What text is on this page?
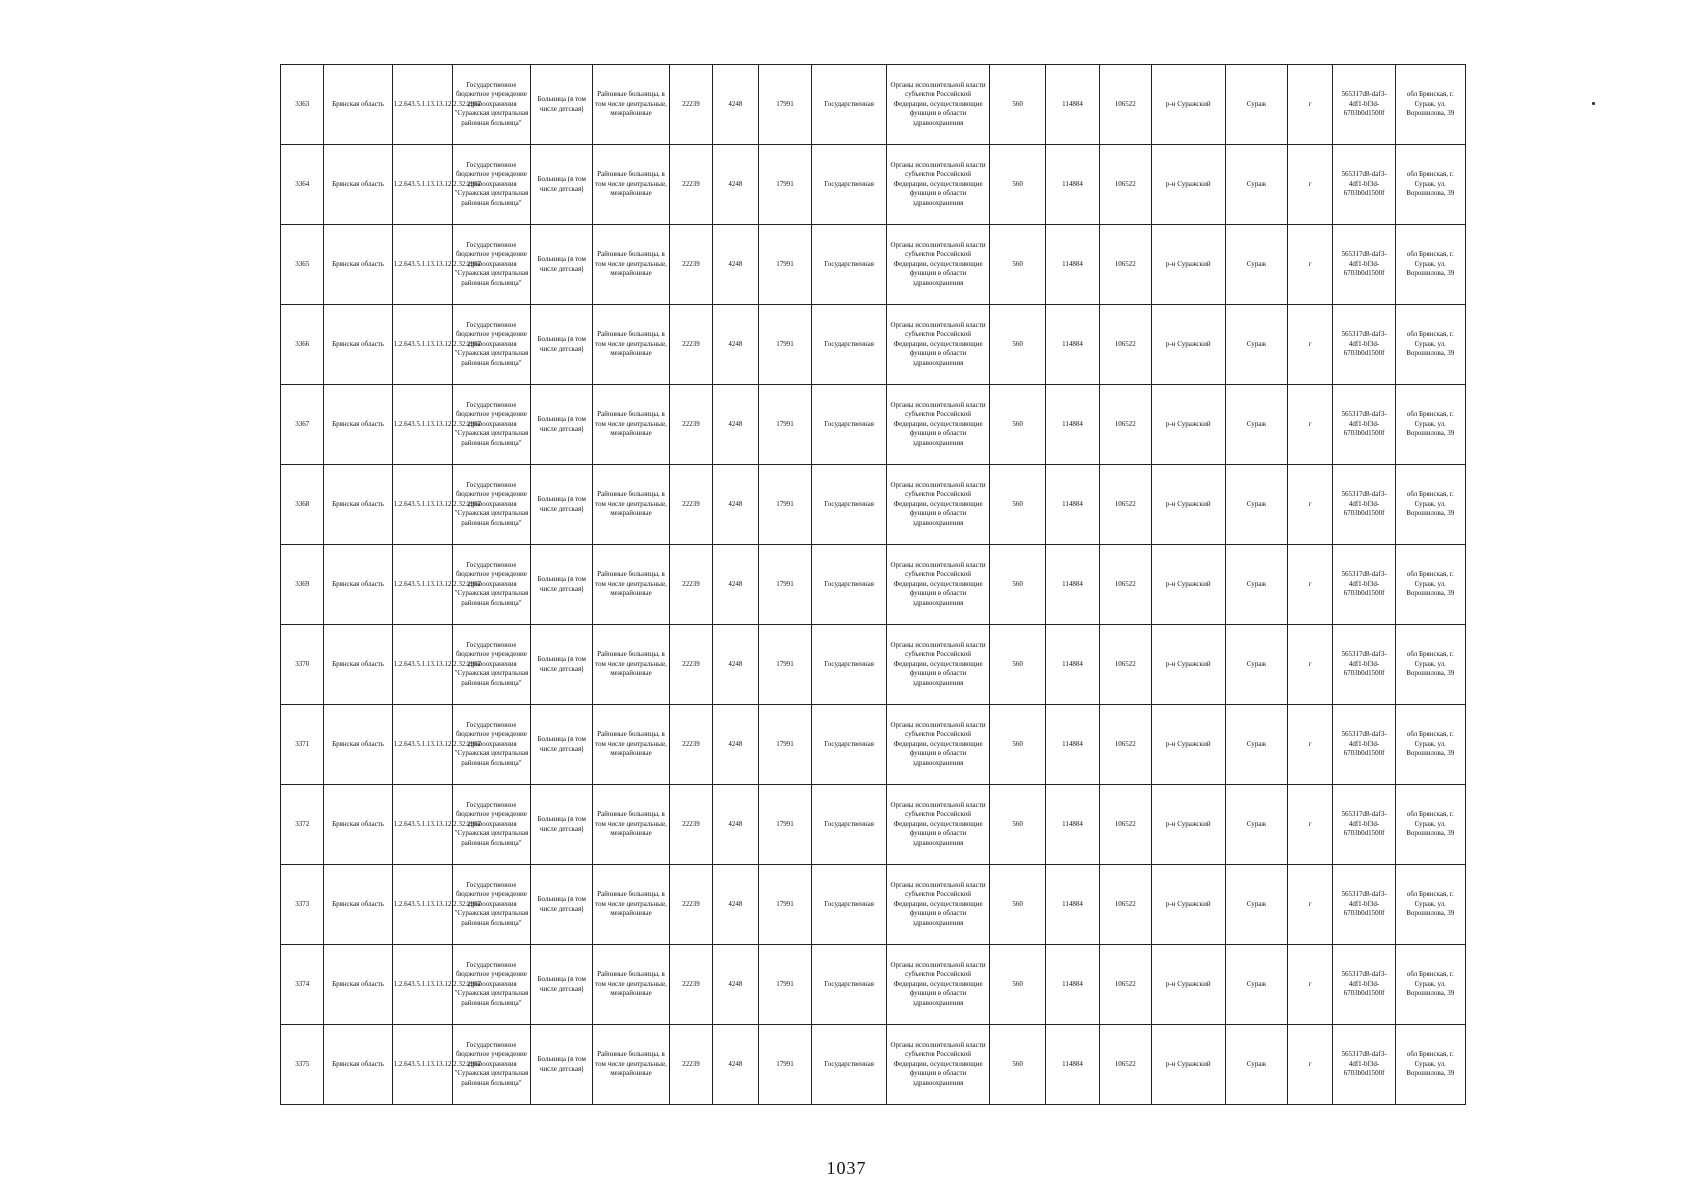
3363	Брянская область	1.2.643.5.1.13.13.12.2.32.2987	Государственное бюджетное учреждение здравоохранения "Суражская центральная районная больница"	Больница (в том числе детская)	Районные больницы, в том числе центральные, межрайонные	22239	4248	17991	Государственная	Органы исполнительной власти субъектов Российской Федерации, осуществляющие функции в области здравоохранения	560	114884	106522	р-н Суражский	Сураж	г	565317d8-daf3-4df1-bf3d-6703b0d1500f	обл Брянская, г. Сураж, ул. Ворошилова, 39
3364	Брянская область	1.2.643.5.1.13.13.12.2.32.2987	Государственное бюджетное учреждение здравоохранения "Суражская центральная районная больница"	Больница (в том числе детская)	Районные больницы, в том числе центральные, межрайонные	22239	4248	17991	Государственная	Органы исполнительной власти субъектов Российской Федерации, осуществляющие функции в области здравоохранения	560	114884	106522	р-н Суражский	Сураж	г	565317d8-daf3-4df1-bf3d-6703b0d1500f	обл Брянская, г. Сураж, ул. Ворошилова, 39
3365	Брянская область	1.2.643.5.1.13.13.12.2.32.2987	Государственное бюджетное учреждение здравоохранения "Суражская центральная районная больница"	Больница (в том числе детская)	Районные больницы, в том числе центральные, межрайонные	22239	4248	17991	Государственная	Органы исполнительной власти субъектов Российской Федерации, осуществляющие функции в области здравоохранения	560	114884	106522	р-н Суражский	Сураж	г	565317d8-daf3-4df1-bf3d-6703b0d1500f	обл Брянская, г. Сураж, ул. Ворошилова, 39
3366	Брянская область	1.2.643.5.1.13.13.12.2.32.2987	Государственное бюджетное учреждение здравоохранения "Суражская центральная районная больница"	Больница (в том числе детская)	Районные больницы, в том числе центральные, межрайонные	22239	4248	17991	Государственная	Органы исполнительной власти субъектов Российской Федерации, осуществляющие функции в области здравоохранения	560	114884	106522	р-н Суражский	Сураж	г	565317d8-daf3-4df1-bf3d-6703b0d1500f	обл Брянская, г. Сураж, ул. Ворошилова, 39
3367	Брянская область	1.2.643.5.1.13.13.12.2.32.2987	Государственное бюджетное учреждение здравоохранения "Суражская центральная районная больница"	Больница (в том числе детская)	Районные больницы, в том числе центральные, межрайонные	22239	4248	17991	Государственная	Органы исполнительной власти субъектов Российской Федерации, осуществляющие функции в области здравоохранения	560	114884	106522	р-н Суражский	Сураж	г	565317d8-daf3-4df1-bf3d-6703b0d1500f	обл Брянская, г. Сураж, ул. Ворошилова, 39
3368	Брянская область	1.2.643.5.1.13.13.12.2.32.2987	Государственное бюджетное учреждение здравоохранения "Суражская центральная районная больница"	Больница (в том числе детская)	Районные больницы, в том числе центральные, межрайонные	22239	4248	17991	Государственная	Органы исполнительной власти субъектов Российской Федерации, осуществляющие функции в области здравоохранения	560	114884	106522	р-н Суражский	Сураж	г	565317d8-daf3-4df1-bf3d-6703b0d1500f	обл Брянская, г. Сураж, ул. Ворошилова, 39
3369	Брянская область	1.2.643.5.1.13.13.12.2.32.2987	Государственное бюджетное учреждение здравоохранения "Суражская центральная районная больница"	Больница (в том числе детская)	Районные больницы, в том числе центральные, межрайонные	22239	4248	17991	Государственная	Органы исполнительной власти субъектов Российской Федерации, осуществляющие функции в области здравоохранения	560	114884	106522	р-н Суражский	Сураж	г	565317d8-daf3-4df1-bf3d-6703b0d1500f	обл Брянская, г. Сураж, ул. Ворошилова, 39
3370	Брянская область	1.2.643.5.1.13.13.12.2.32.2987	Государственное бюджетное учреждение здравоохранения "Суражская центральная районная больница"	Больница (в том числе детская)	Районные больницы, в том числе центральные, межрайонные	22239	4248	17991	Государственная	Органы исполнительной власти субъектов Российской Федерации, осуществляющие функции в области здравоохранения	560	114884	106522	р-н Суражский	Сураж	г	565317d8-daf3-4df1-bf3d-6703b0d1500f	обл Брянская, г. Сураж, ул. Ворошилова, 39
3371	Брянская область	1.2.643.5.1.13.13.12.2.32.2987	Государственное бюджетное учреждение здравоохранения "Суражская центральная районная больница"	Больница (в том числе детская)	Районные больницы, в том числе центральные, межрайонные	22239	4248	17991	Государственная	Органы исполнительной власти субъектов Российской Федерации, осуществляющие функции в области здравоохранения	560	114884	106522	р-н Суражский	Сураж	г	565317d8-daf3-4df1-bf3d-6703b0d1500f	обл Брянская, г. Сураж, ул. Ворошилова, 39
3372	Брянская область	1.2.643.5.1.13.13.12.2.32.2987	Государственное бюджетное учреждение здравоохранения "Суражская центральная районная больница"	Больница (в том числе детская)	Районные больницы, в том числе центральные, межрайонные	22239	4248	17991	Государственная	Органы исполнительной власти субъектов Российской Федерации, осуществляющие функции в области здравоохранения	560	114884	106522	р-н Суражский	Сураж	г	565317d8-daf3-4df1-bf3d-6703b0d1500f	обл Брянская, г. Сураж, ул. Ворошилова, 39
3373	Брянская область	1.2.643.5.1.13.13.12.2.32.2987	Государственное бюджетное учреждение здравоохранения "Суражская центральная районная больница"	Больница (в том числе детская)	Районные больницы, в том числе центральные, межрайонные	22239	4248	17991	Государственная	Органы исполнительной власти субъектов Российской Федерации, осуществляющие функции в области здравоохранения	560	114884	106522	р-н Суражский	Сураж	г	565317d8-daf3-4df1-bf3d-6703b0d1500f	обл Брянская, г. Сураж, ул. Ворошилова, 39
3374	Брянская область	1.2.643.5.1.13.13.12.2.32.2987	Государственное бюджетное учреждение здравоохранения "Суражская центральная районная больница"	Больница (в том числе детская)	Районные больницы, в том числе центральные, межрайонные	22239	4248	17991	Государственная	Органы исполнительной власти субъектов Российской Федерации, осуществляющие функции в области здравоохранения	560	114884	106522	р-н Суражский	Сураж	г	565317d8-daf3-4df1-bf3d-6703b0d1500f	обл Брянская, г. Сураж, ул. Ворошилова, 39
3375	Брянская область	1.2.643.5.1.13.13.12.2.32.2987	Государственное бюджетное учреждение здравоохранения "Суражская центральная районная больница"	Больница (в том числе детская)	Районные больницы, в том числе центральные, межрайонные	22239	4248	17991	Государственная	Органы исполнительной власти субъектов Российской Федерации, осуществляющие функции в области здравоохранения	560	114884	106522	р-н Суражский	Сураж	г	565317d8-daf3-4df1-bf3d-6703b0d1500f	обл Брянская, г. Сураж, ул. Ворошилова, 39
1037
